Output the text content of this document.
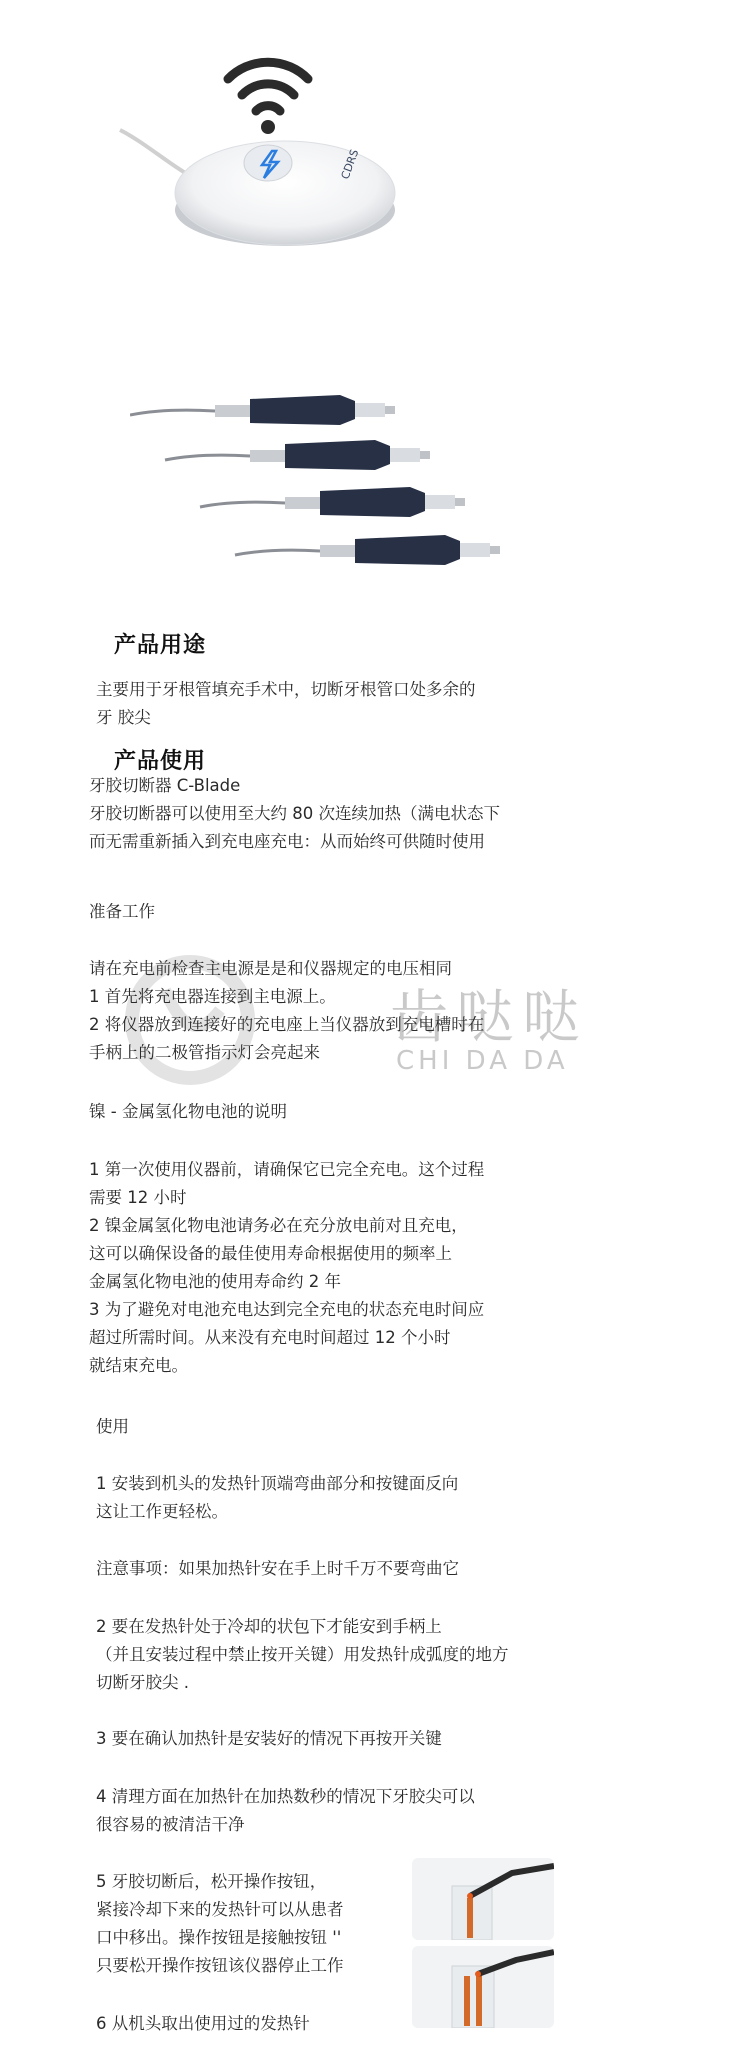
CDRS
产品用途
主要用于牙根管填充手术中，切断牙根管口处多余的
牙 胶尖
产品使用
牙胶切断器 C-Blade
牙胶切断器可以使用至大约 80 次连续加热（满电状态下
而无需重新插入到充电座充电：从而始终可供随时使用
齿哒哒
CHI DA DA
准备工作
请在充电前检查主电源是是和仪器规定的电压相同
1 首先将充电器连接到主电源上。
2 将仪器放到连接好的充电座上当仪器放到充电槽时在
手柄上的二极管指示灯会亮起来
镍 - 金属氢化物电池的说明
1 第一次使用仪器前，请确保它已完全充电。这个过程
需要 12 小时
2 镍金属氢化物电池请务必在充分放电前对且充电，
这可以确保设备的最佳使用寿命根据使用的频率上
金属氢化物电池的使用寿命约 2 年
3 为了避免对电池充电达到完全充电的状态充电时间应
超过所需时间。从来没有充电时间超过 12 个小时
就结束充电。
使用
1 安装到机头的发热针顶端弯曲部分和按键面反向
这让工作更轻松。
注意事项：如果加热针安在手上时千万不要弯曲它
2 要在发热针处于冷却的状包下才能安到手柄上
（并且安装过程中禁止按开关键）用发热针成弧度的地方
切断牙胶尖 .
3 要在确认加热针是安装好的情况下再按开关键
4 清理方面在加热针在加热数秒的情况下牙胶尖可以
很容易的被清洁干净
5 牙胶切断后，松开操作按钮，
紧接冷却下来的发热针可以从患者
口中移出。操作按钮是接触按钮 ''
只要松开操作按钮该仪器停止工作
6 从机头取出使用过的发热针
